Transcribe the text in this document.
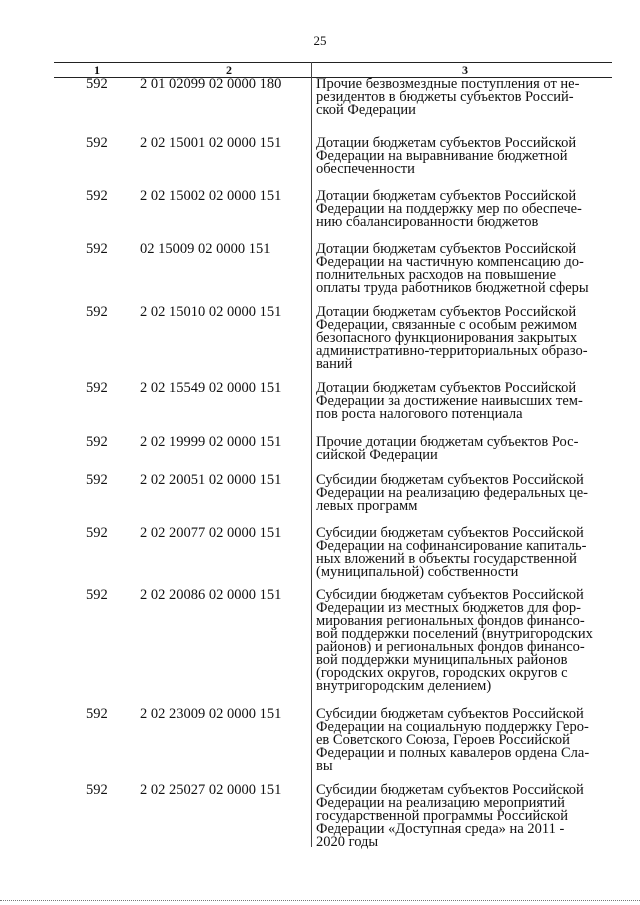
25
1	2	3
592 2 01 02099 02 0000 180 Прочие безвозмездные поступления от не-
резидентов в бюджеты субъектов Россий-
ской Федерации
592 2 02 15001 02 0000 151 Дотации бюджетам субъектов Российской
Федерации на выравнивание бюджетной
обеспеченности
592 2 02 15002 02 0000 151 Дотации бюджетам субъектов Российской
Федерации на поддержку мер по обеспече-
нию сбалансированности бюджетов
592 02 15009 02 0000 151	Дотации бюджетам субъектов Российской
Федерации на частичную компенсацию до-
полнительных расходов на повышение
оплаты труда работников бюджетной сферы
592 2 02 15010 02 0000 151 Дотации бюджетам субъектов Российской
Федерации, связанные с особым режимом
безопасного функционирования закрытых
административно-территориальных образо-
ваний
592 2 02 15549 02 0000 151 Дотации бюджетам субъектов Российской
Федерации за достижение наивысших тем-
пов роста налогового потенциала
592 2 02 19999 02 0000 151 Прочие дотации бюджетам субъектов Рос-
сийской Федерации
592 2 02 20051 02 0000 151 Субсидии бюджетам субъектов Российской
Федерации на реализацию федеральных це-
левых программ
592 2 02 20077 02 0000 151 Субсидии бюджетам субъектов Российской
Федерации на софинансирование капиталь-
ных вложений в объекты государственной
(муниципальной) собственности
592 2 02 20086 02 0000 151 Субсидии бюджетам субъектов Российской
Федерации из местных бюджетов для фор-
мирования региональных фондов финансо-
вой поддержки поселений (внутригородских
районов) и региональных фондов финансо-
вой поддержки муниципальных районов
(городских округов, городских округов с
внутригородским делением)
592 2 02 23009 02 0000 151 Субсидии бюджетам субъектов Российской
Федерации на социальную поддержку Геро-
ев Советского Союза, Героев Российской
Федерации и полных кавалеров ордена Сла-
вы
592 2 02 25027 02 0000 151 Субсидии бюджетам субъектов Российской
Федерации на реализацию мероприятий
государственной программы Российской
Федерации «Доступная среда» на 2011 -
2020 годы
